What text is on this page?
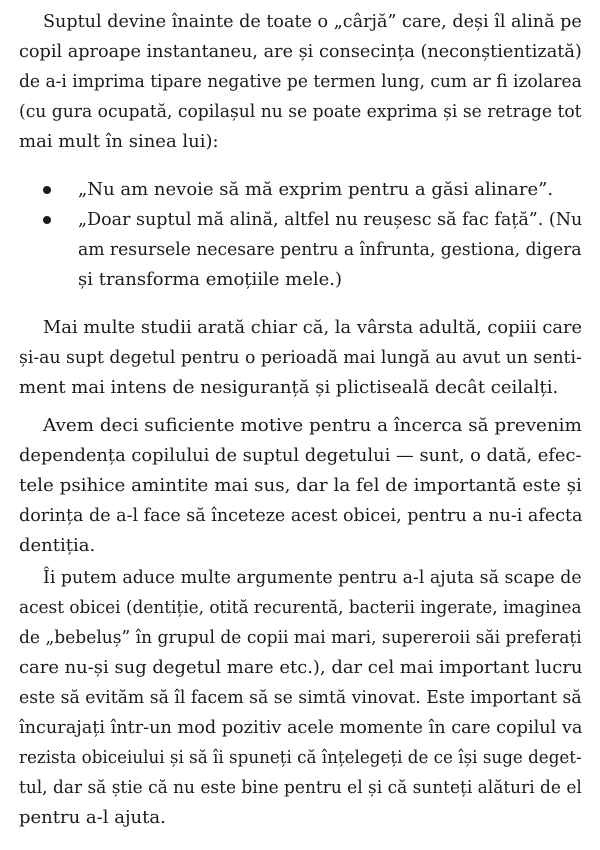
Suptul devine înainte de toate o „cârjă” care, deși îl alină pe
copil aproape instantaneu, are și consecința (neconștientizată)
de a-i imprima tipare negative pe termen lung, cum ar fi izolarea
(cu gura ocupată, copilașul nu se poate exprima și se retrage tot
mai mult în sinea lui):
„Nu am nevoie să mă exprim pentru a găsi alinare”.
„Doar suptul mă alină, altfel nu reușesc să fac față”. (Nu
am resursele necesare pentru a înfrunta, gestiona, digera
și transforma emoțiile mele.)
Mai multe studii arată chiar că, la vârsta adultă, copiii care
și-au supt degetul pentru o perioadă mai lungă au avut un senti-
ment mai intens de nesiguranță și plictiseală decât ceilalți.
Avem deci suficiente motive pentru a încerca să prevenim
dependența copilului de suptul degetului — sunt, o dată, efec-
tele psihice amintite mai sus, dar la fel de importantă este și
dorința de a-l face să înceteze acest obicei, pentru a nu-i afecta
dentiția.
Îi putem aduce multe argumente pentru a-l ajuta să scape de
acest obicei (dentiție, otită recurentă, bacterii ingerate, imaginea
de „bebeluș” în grupul de copii mai mari, supereroii săi preferați
care nu-și sug degetul mare etc.), dar cel mai important lucru
este să evităm să îl facem să se simtă vinovat. Este important să
încurajați într-un mod pozitiv acele momente în care copilul va
rezista obiceiului și să îi spuneți că înțelegeți de ce își suge deget-
tul, dar să știe că nu este bine pentru el și că sunteți alături de el
pentru a-l ajuta.
